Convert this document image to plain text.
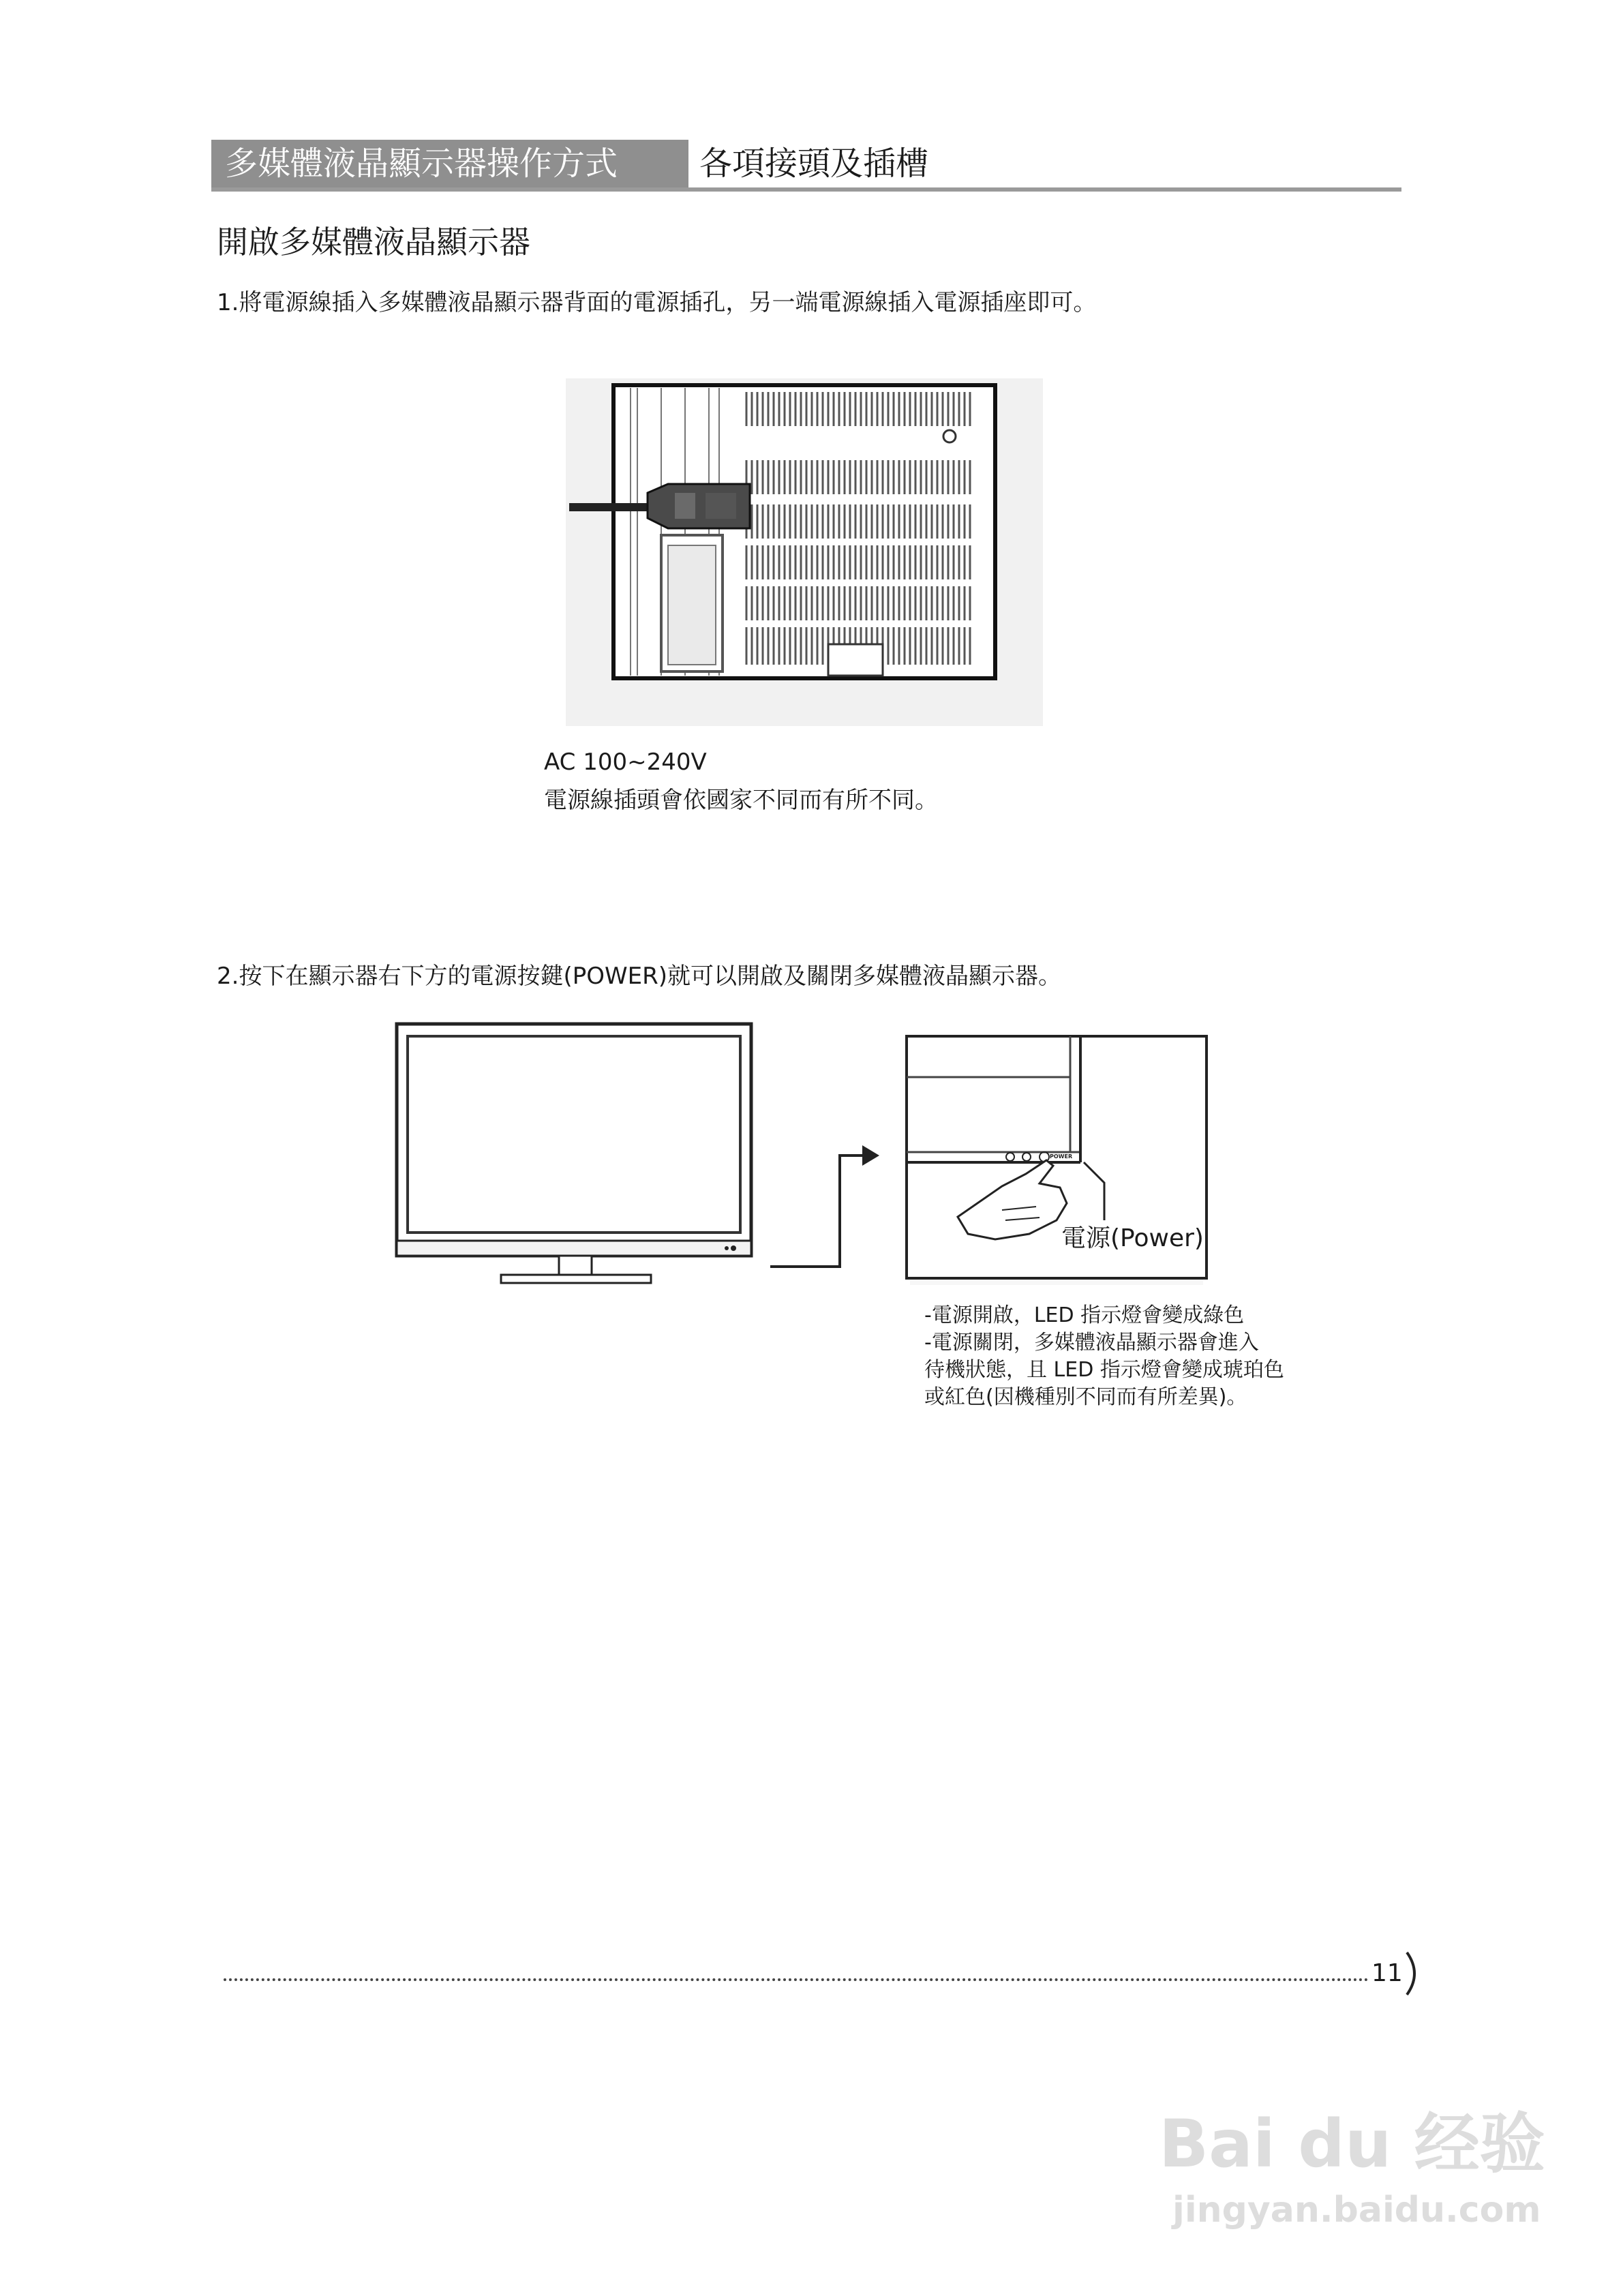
多媒體液晶顯示器操作方式	各項接頭及插槽
開啟多媒體液晶顯示器
1.將電源線插入多媒體液晶顯示器背面的電源插孔，另一端電源線插入電源插座即可。
AC 100~240V
電源線插頭會依國家不同而有所不同。
2.按下在顯示器右下方的電源按鍵(POWER)就可以開啟及關閉多媒體液晶顯示器。
POWER
電源(Power)
-電源開啟，LED 指示燈會變成綠色
-電源關閉，多媒體液晶顯示器會進入
待機狀態，且 LED 指示燈會變成琥珀色
或紅色(因機種別不同而有所差異)。
11
Bai du 经验
jingyan.baidu.com
